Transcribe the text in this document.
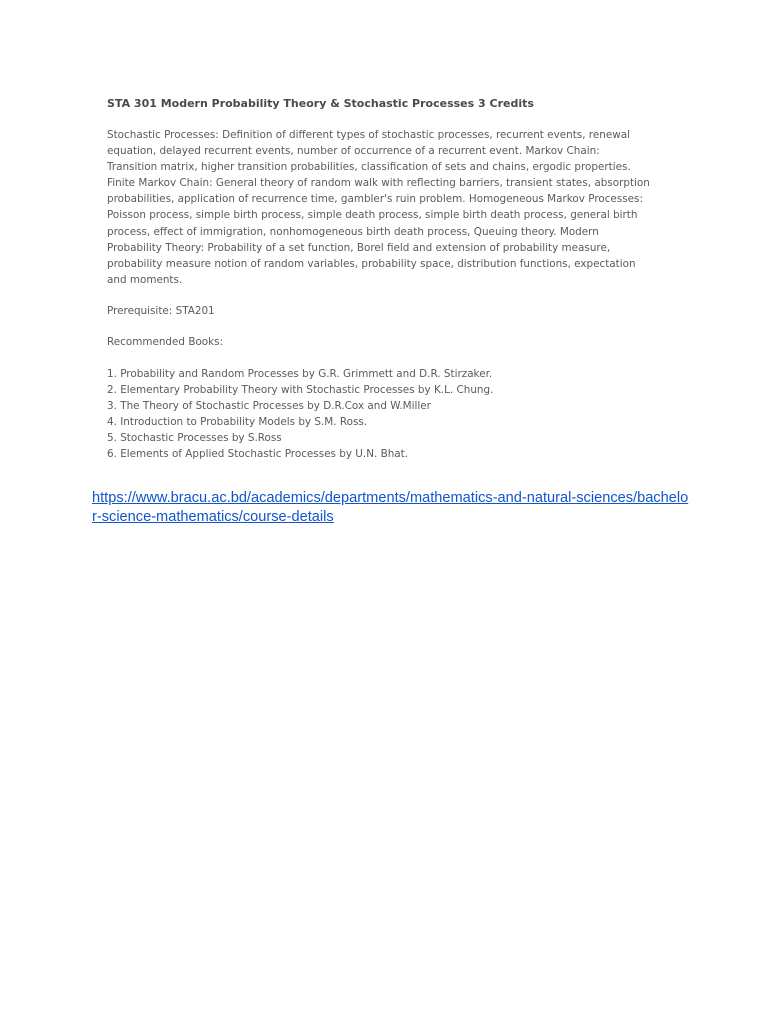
STA 301 Modern Probability Theory & Stochastic Processes 3 Credits

Stochastic Processes: Definition of different types of stochastic processes, recurrent events, renewal
equation, delayed recurrent events, number of occurrence of a recurrent event. Markov Chain:
Transition matrix, higher transition probabilities, classification of sets and chains, ergodic properties.
Finite Markov Chain: General theory of random walk with reflecting barriers, transient states, absorption
probabilities, application of recurrence time, gambler's ruin problem. Homogeneous Markov Processes:
Poisson process, simple birth process, simple death process, simple birth death process, general birth
process, effect of immigration, nonhomogeneous birth death process, Queuing theory. Modern
Probability Theory: Probability of a set function, Borel field and extension of probability measure,
probability measure notion of random variables, probability space, distribution functions, expectation
and moments.

Prerequisite: STA201

Recommended Books:

1. Probability and Random Processes by G.R. Grimmett and D.R. Stirzaker.
2. Elementary Probability Theory with Stochastic Processes by K.L. Chung.
3. The Theory of Stochastic Processes by D.R.Cox and W.Miller
4. Introduction to Probability Models by S.M. Ross.
5. Stochastic Processes by S.Ross
6. Elements of Applied Stochastic Processes by U.N. Bhat.
https://www.bracu.ac.bd/academics/departments/mathematics-and-natural-sciences/bachelo
r-science-mathematics/course-details
